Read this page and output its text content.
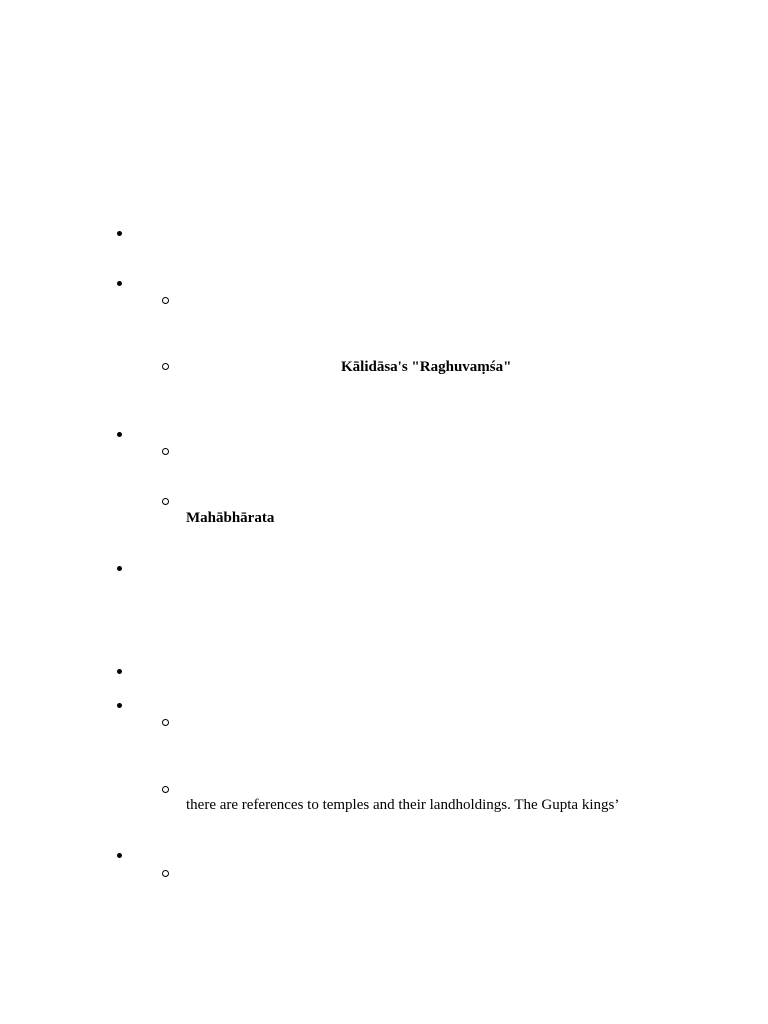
Kālidāsa's "Raghuvaṃśa"
Mahābhārata
there are references to temples and their landholdings. The Gupta kings’
